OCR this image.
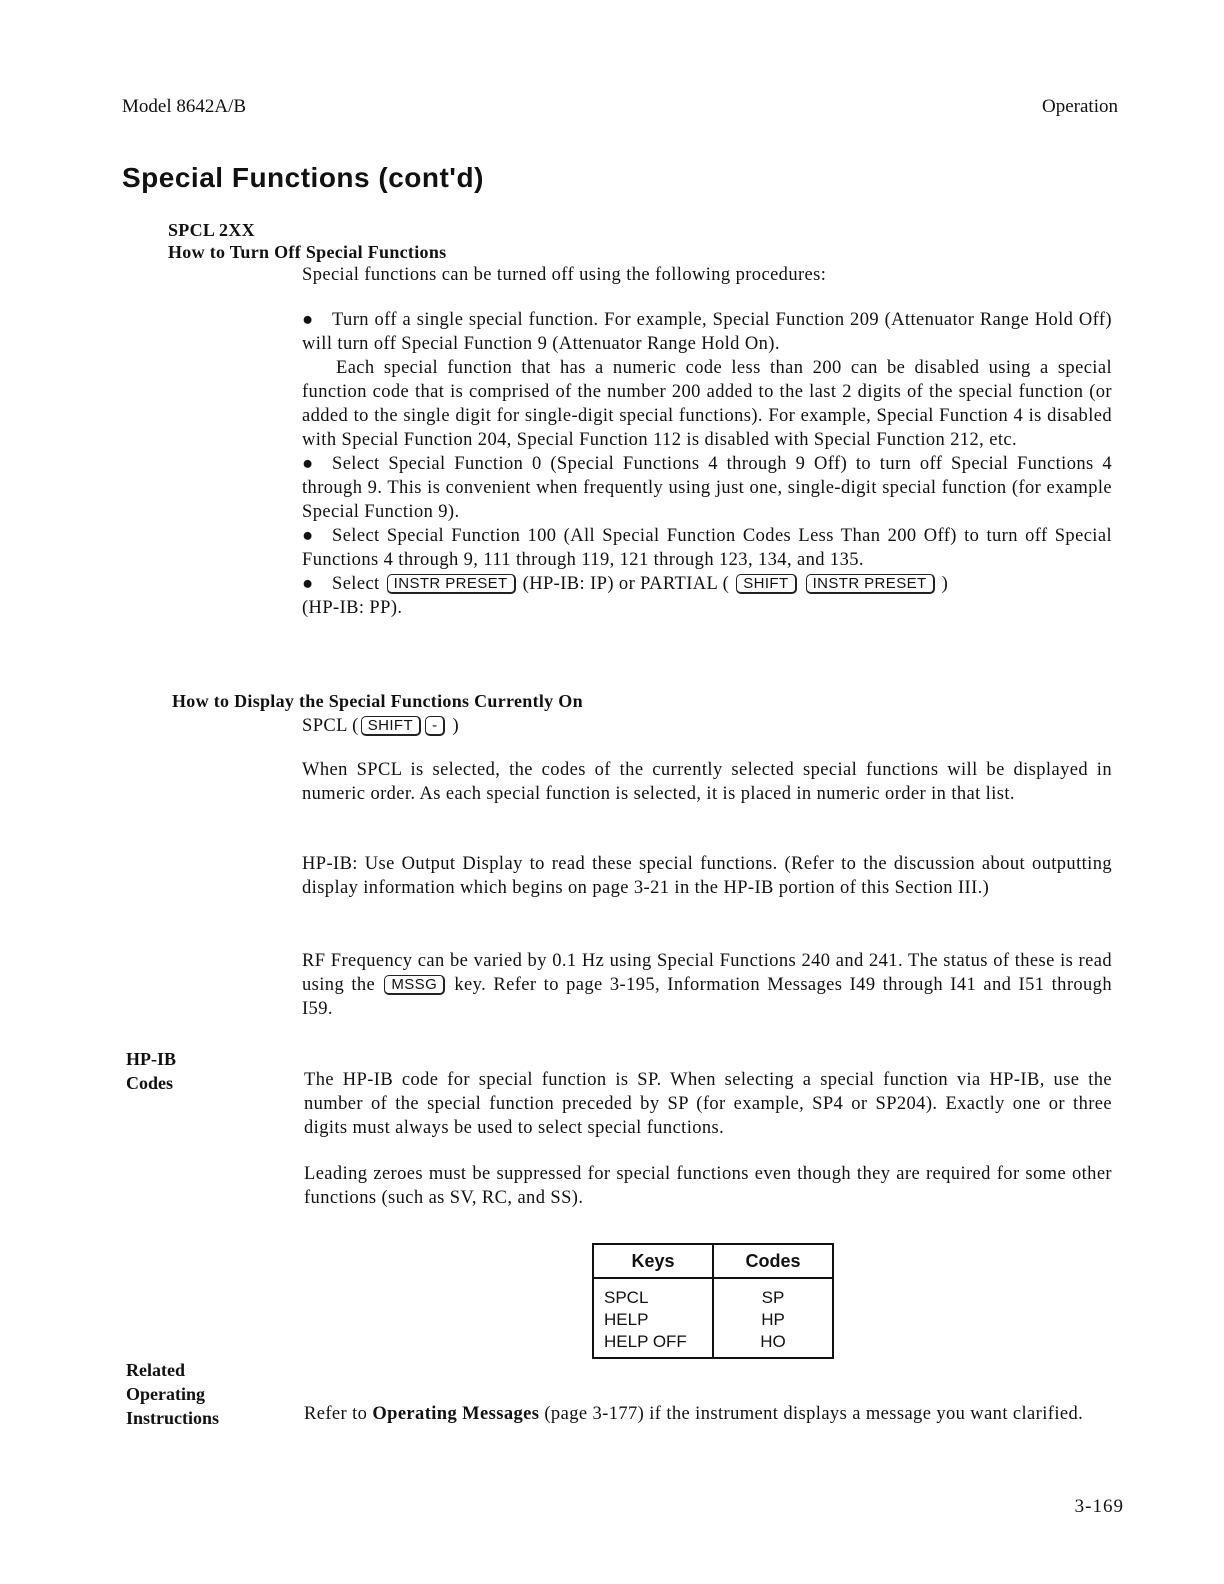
Model 8642A/B	Operation
Special Functions (cont'd)
SPCL 2XX
How to Turn Off Special Functions
Special functions can be turned off using the following procedures:

● Turn off a single special function. For example, Special Function 209 (Attenuator Range Hold Off) will turn off Special Function 9 (Attenuator Range Hold On).

Each special function that has a numeric code less than 200 can be disabled using a special function code that is comprised of the number 200 added to the last 2 digits of the special function (or added to the single digit for single-digit special functions). For example, Special Function 4 is disabled with Special Function 204, Special Function 112 is disabled with Special Function 212, etc.

● Select Special Function 0 (Special Functions 4 through 9 Off) to turn off Special Functions 4 through 9. This is convenient when frequently using just one, single-digit special function (for example Special Function 9).

● Select Special Function 100 (All Special Function Codes Less Than 200 Off) to turn off Special Functions 4 through 9, 111 through 119, 121 through 123, 134, and 135.

● Select INSTR PRESET (HP-IB: IP) or PARTIAL ( SHIFT INSTR PRESET )
(HP-IB: PP).

How to Display the Special Functions Currently On
SPCL ( SHIFT - )
When SPCL is selected, the codes of the currently selected special functions will be displayed in numeric order. As each special function is selected, it is placed in numeric order in that list.
HP-IB: Use Output Display to read these special functions. (Refer to the discussion about outputting display information which begins on page 3-21 in the HP-IB portion of this Section III.)
RF Frequency can be varied by 0.1 Hz using Special Functions 240 and 241. The status of these is read using the MSSG key. Refer to page 3-195, Information Messages I49 through I41 and I51 through I59.
HP-IB
Codes	The HP-IB code for special function is SP. When selecting a special function via HP-IB, use the number of the special function preceded by SP (for example, SP4 or SP204). Exactly one or three digits must always be used to select special functions.
Leading zeroes must be suppressed for special functions even though they are required for some other functions (such as SV, RC, and SS).
Keys	Codes
SPCL	SP
HELP	HP
HELP OFF	HO
Related
Operating
Instructions	Refer to Operating Messages (page 3-177) if the instrument displays a message you want clarified.
3-169
